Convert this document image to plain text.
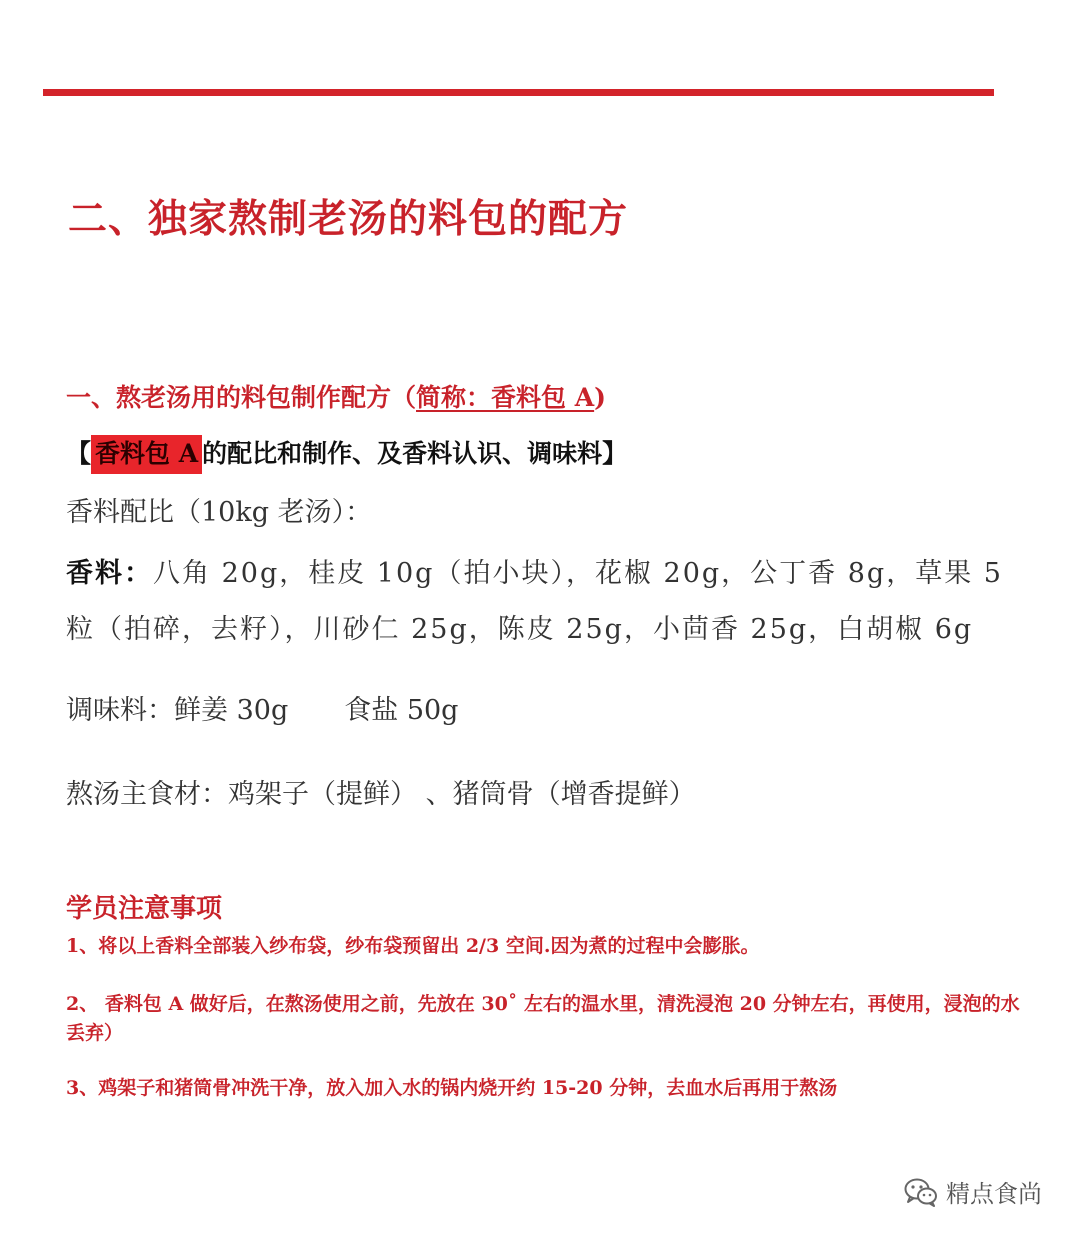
二、独家熬制老汤的料包的配方
一、熬老汤用的料包制作配方（简称：香料包 A)
【 香料包 A 的配比和制作、及香料认识、调味料】
香料配比（10kg 老汤）：
香料：八角 20g，桂皮 10g（拍小块），花椒 20g，公丁香 8g，草果 5 粒（拍碎，去籽），川砂仁 25g，陈皮 25g，小茴香 25g，白胡椒 6g
调味料：鲜姜 30g 食盐 50g
熬汤主食材：鸡架子（提鲜） 、猪筒骨（增香提鲜）
学员注意事项
1、将以上香料全部装入纱布袋，纱布袋预留出 2/3 空间.因为煮的过程中会膨胀。
2、 香料包 A 做好后，在熬汤使用之前，先放在 30˚ 左右的温水里，清洗浸泡 20 分钟左右，再使用，浸泡的水丢弃）
3、鸡架子和猪筒骨冲洗干净，放入加入水的锅内烧开约 15-20 分钟，去血水后再用于熬汤
精点食尚
